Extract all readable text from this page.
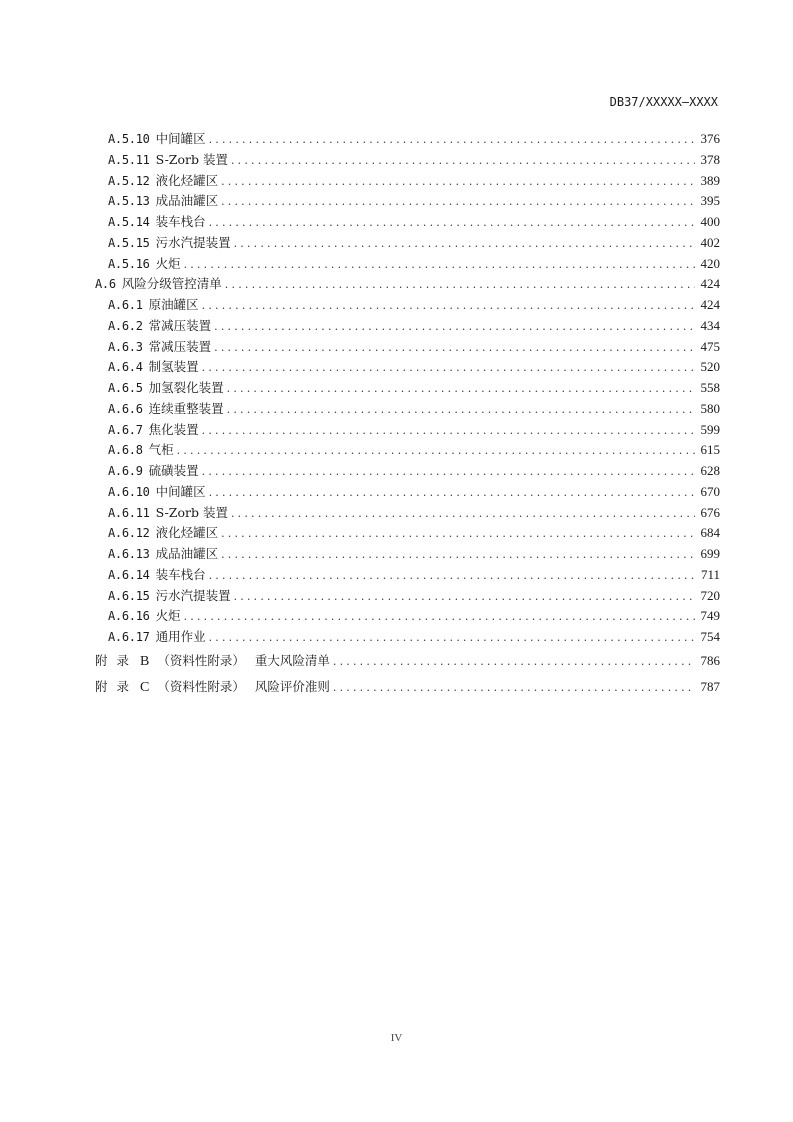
DB37/XXXXX—XXXX
A.5.10 中间罐区 .....	376
A.5.11 S-Zorb 装置 .....	378
A.5.12 液化烃罐区 .....	389
A.5.13 成品油罐区 .....	395
A.5.14 装车栈台 .....	400
A.5.15 污水汽提装置 .....	402
A.5.16 火炬 .....	420
A.6 风险分级管控清单 .....	424
A.6.1 原油罐区 .....	424
A.6.2 常减压装置 .....	434
A.6.3 常减压装置 .....	475
A.6.4 制氢装置 .....	520
A.6.5 加氢裂化装置 .....	558
A.6.6 连续重整装置 .....	580
A.6.7 焦化装置 .....	599
A.6.8 气柜 .....	615
A.6.9 硫磺装置 .....	628
A.6.10 中间罐区 .....	670
A.6.11 S-Zorb 装置 .....	676
A.6.12 液化烃罐区 .....	684
A.6.13 成品油罐区 .....	699
A.6.14 装车栈台 .....	711
A.6.15 污水汽提装置 .....	720
A.6.16 火炬 .....	749
A.6.17 通用作业 .....	754
附录 B （资料性附录） 重大风险清单 .....	786
附录 C （资料性附录） 风险评价准则 .....	787
IV
